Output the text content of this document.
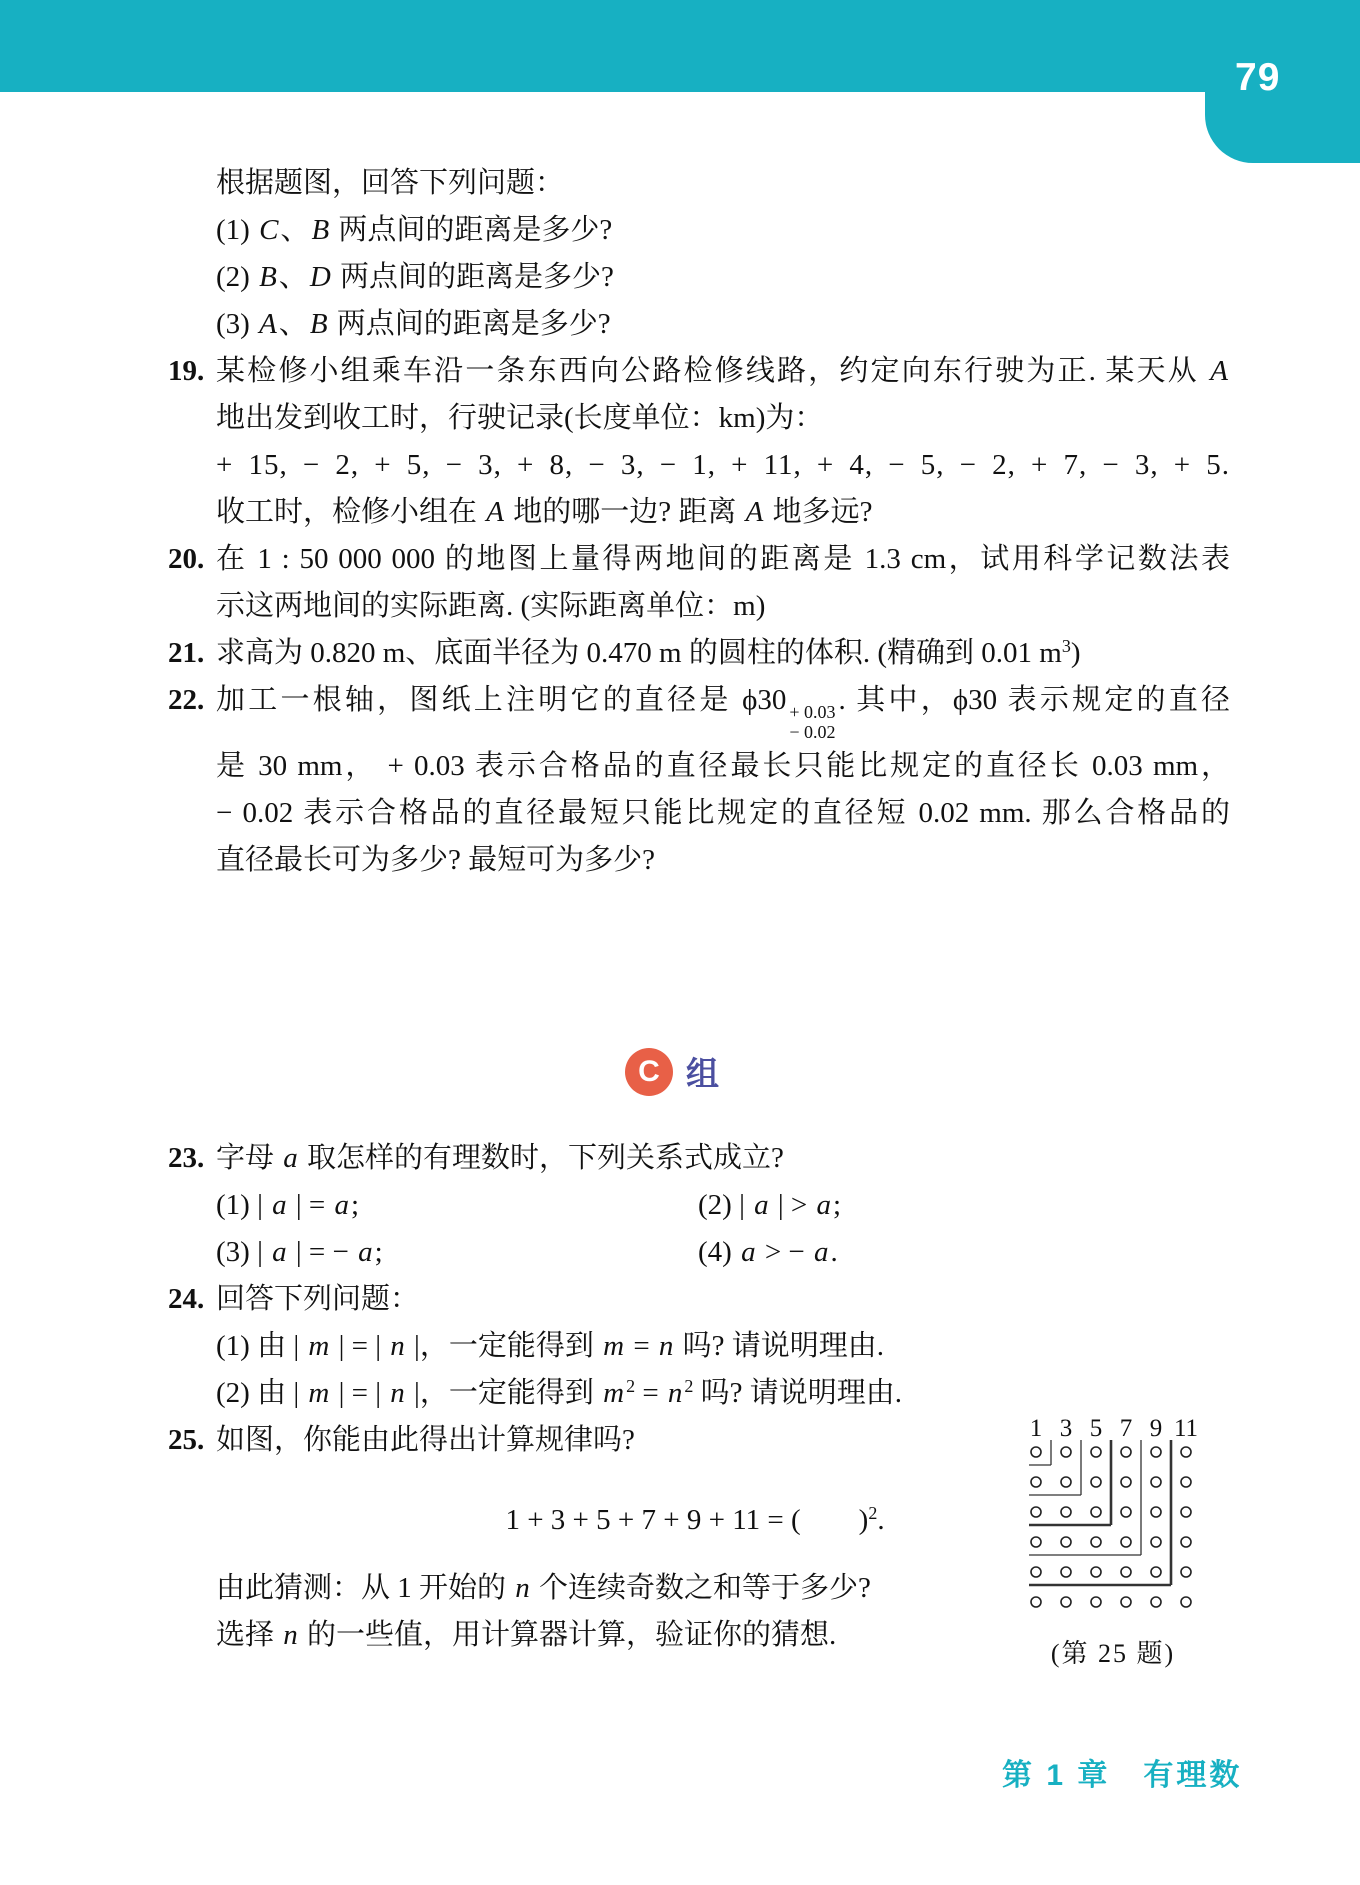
79
根据题图，回答下列问题：
(1) C、B 两点间的距离是多少?
(2) B、D 两点间的距离是多少?
(3) A、B 两点间的距离是多少?
19. 某检修小组乘车沿一条东西向公路检修线路，约定向东行驶为正. 某天从 A
地出发到收工时，行驶记录(长度单位：km)为：
+ 15, − 2, + 5, − 3, + 8, − 3, − 1, + 11, + 4, − 5, − 2, + 7, − 3, + 5.
收工时，检修小组在 A 地的哪一边? 距离 A 地多远?
20. 在 1 : 50 000 000 的地图上量得两地间的距离是 1.3 cm，试用科学记数法表
示这两地间的实际距离. (实际距离单位：m)
21. 求高为 0.820 m、底面半径为 0.470 m 的圆柱的体积. (精确到 0.01 $m^3$)
22. 加工一根轴，图纸上注明它的直径是 ϕ30 + 0.03
− 0.02
. 其中，ϕ30 表示规定的直径
是 30 mm， + 0.03 表示合格品的直径最长只能比规定的直径长 0.03 mm，
− 0.02 表示合格品的直径最短只能比规定的直径短 0.02 mm. 那么合格品的
直径最长可为多少? 最短可为多少?
C 组
23. 字母 a 取怎样的有理数时，下列关系式成立?
(1) | a | = a;	(2) | a | > a;
(3) | a | = − a;	(4) a > − a.
24. 回答下列问题：
(1) 由 | m | = | n |，一定能得到 m = n 吗? 请说明理由.
(2) 由 | m | = | n |，一定能得到 m $^2$ = n $^2$ 吗? 请说明理由.
25. 如图，你能由此得出计算规律吗?
1 + 3 + 5 + 7 + 9 + 11 = (　　)$^2$.
由此猜测：从 1 开始的 n 个连续奇数之和等于多少?
选择 n 的一些值，用计算器计算，验证你的猜想.
1 3 5 7 9 11
(第 25 题)
第 1 章　有理数
